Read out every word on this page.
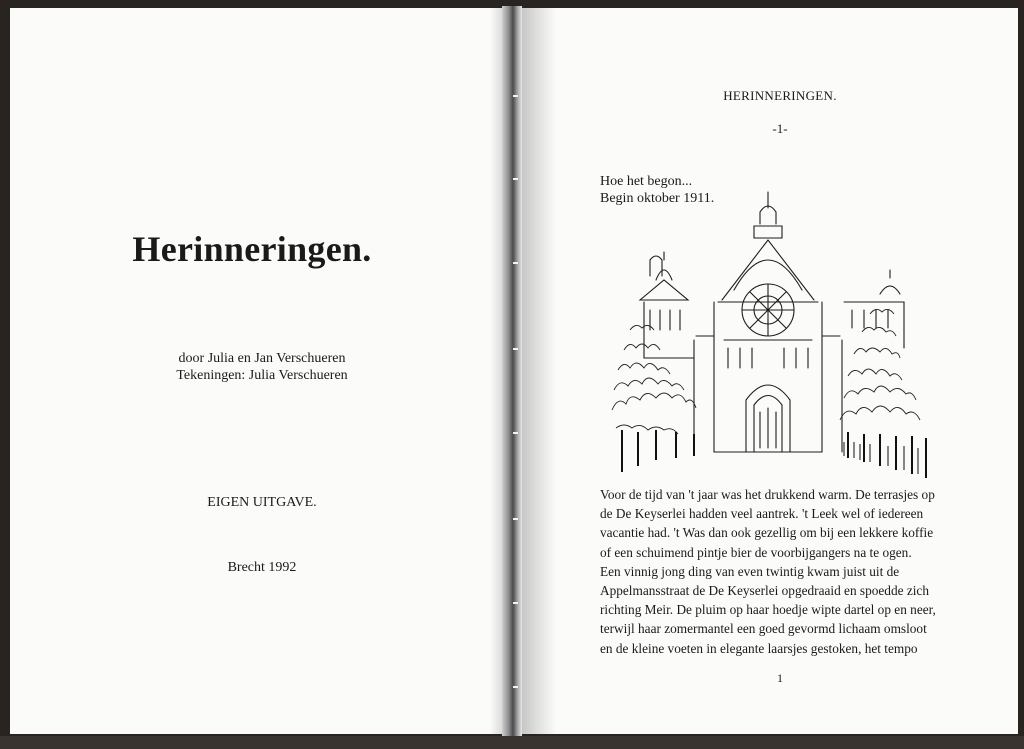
Herinneringen.
door Julia en Jan Verschueren
Tekeningen: Julia Verschueren
EIGEN UITGAVE.
Brecht 1992
HERINNERINGEN.
-1-
Hoe het begon...
Begin oktober 1911.

Voor de tijd van 't jaar was het drukkend warm. De terrasjes op

de De Keyserlei hadden veel aantrek. 't Leek wel of iedereen

vacantie had. 't Was dan ook gezellig om bij een lekkere koffie

of een schuimend pintje bier de voorbijgangers na te ogen.

Een vinnig jong ding van even twintig kwam juist uit de

Appelmansstraat de De Keyserlei opgedraaid en spoedde zich

richting Meir. De pluim op haar hoedje wipte dartel op en neer,

terwijl haar zomermantel een goed gevormd lichaam omsloot

en de kleine voeten in elegante laarsjes gestoken, het tempo

1
